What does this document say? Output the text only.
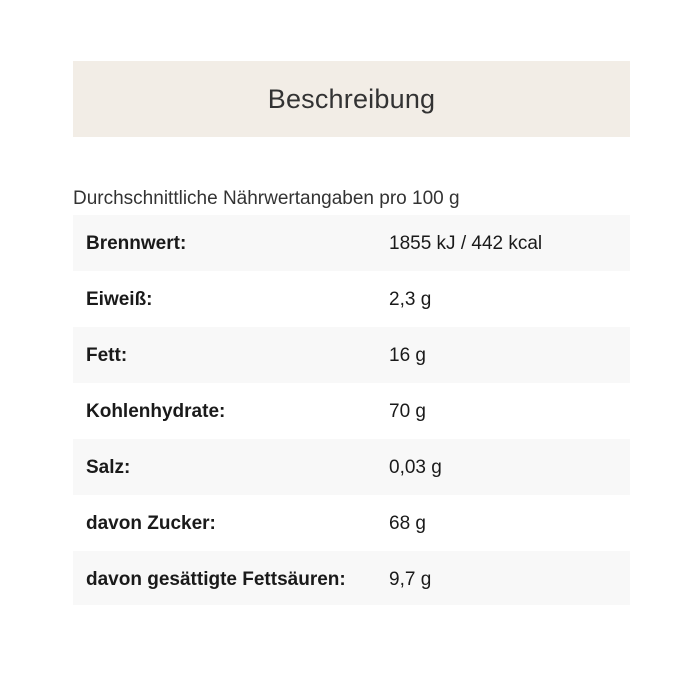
Beschreibung
Durchschnittliche Nährwertangaben pro 100 g
Brennwert:	1855 kJ / 442 kcal
Eiweiß:	2,3 g
Fett:	16 g
Kohlenhydrate:	70 g
Salz:	0,03 g
davon Zucker:	68 g
davon gesättigte Fettsäuren:	9,7 g
